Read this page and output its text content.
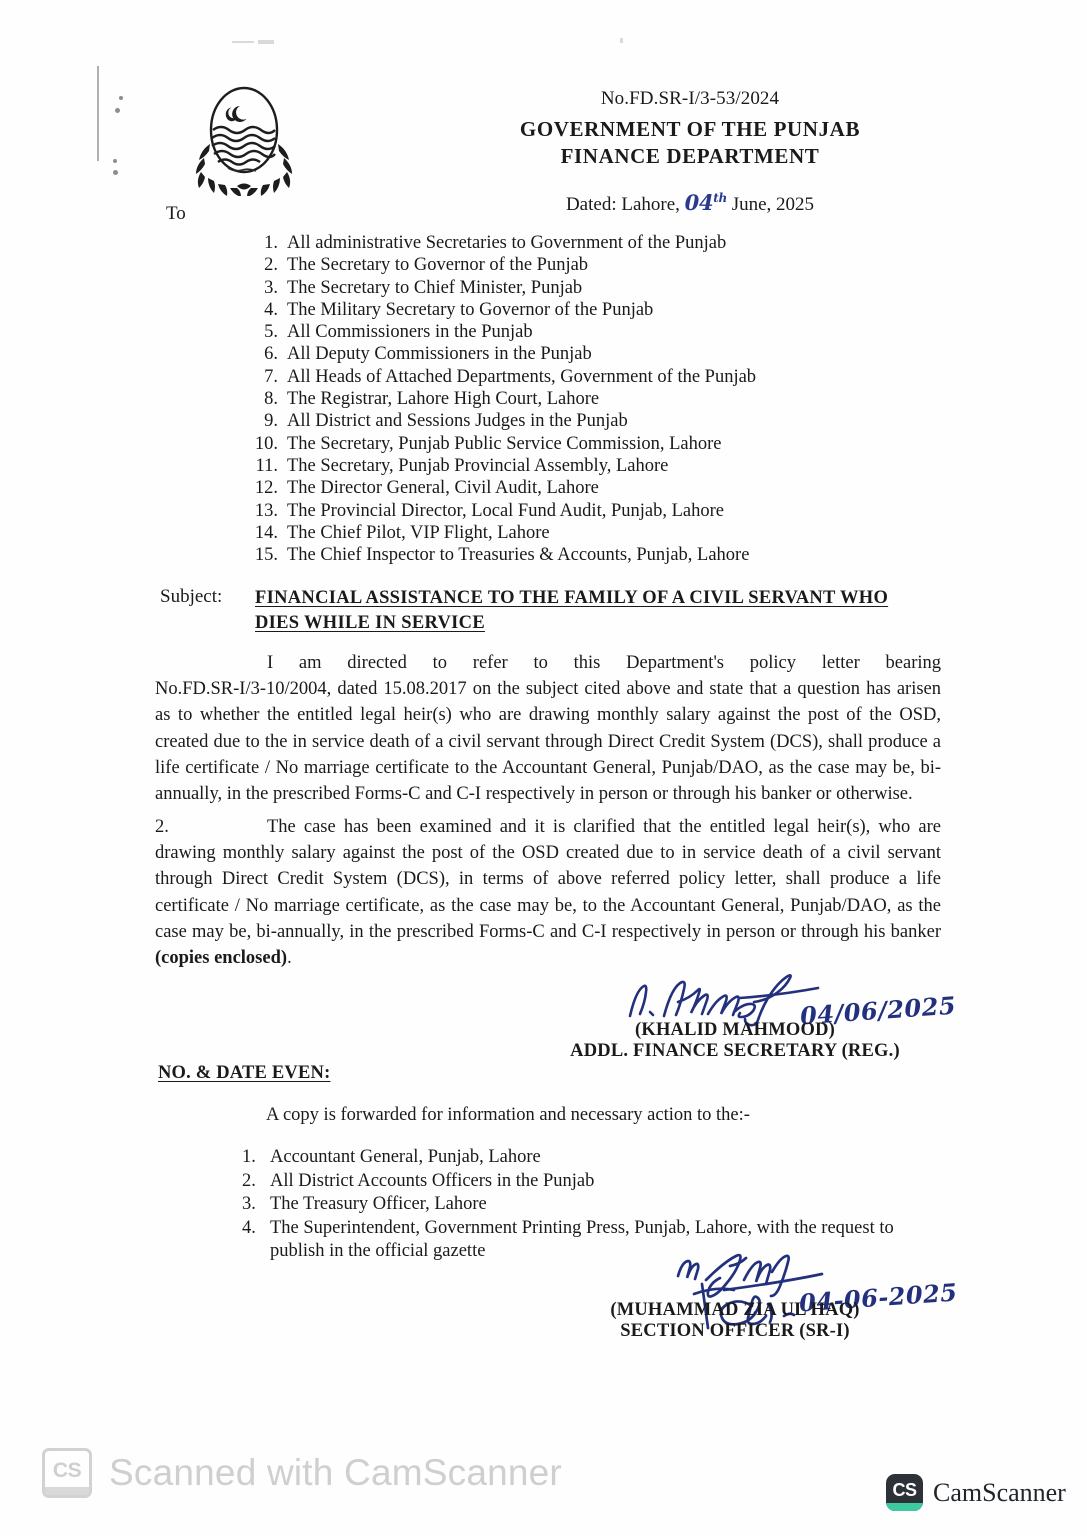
No.FD.SR-I/3-53/2024
GOVERNMENT OF THE PUNJAB
FINANCE DEPARTMENT
Dated: Lahore, 04th June, 2025
To
1. All administrative Secretaries to Government of the Punjab
2. The Secretary to Governor of the Punjab
3. The Secretary to Chief Minister, Punjab
4. The Military Secretary to Governor of the Punjab
5. All Commissioners in the Punjab
6. All Deputy Commissioners in the Punjab
7. All Heads of Attached Departments, Government of the Punjab
8. The Registrar, Lahore High Court, Lahore
9. All District and Sessions Judges in the Punjab
10. The Secretary, Punjab Public Service Commission, Lahore
11. The Secretary, Punjab Provincial Assembly, Lahore
12. The Director General, Civil Audit, Lahore
13. The Provincial Director, Local Fund Audit, Punjab, Lahore
14. The Chief Pilot, VIP Flight, Lahore
15. The Chief Inspector to Treasuries & Accounts, Punjab, Lahore
Subject:	FINANCIAL ASSISTANCE TO THE FAMILY OF A CIVIL SERVANT WHO
DIES WHILE IN SERVICE
I am directed to refer to this Department's policy letter bearing No.FD.SR-I/3-10/2004, dated 15.08.2017 on the subject cited above and state that a question has arisen as to whether the entitled legal heir(s) who are drawing monthly salary against the post of the OSD, created due to the in service death of a civil servant through Direct Credit System (DCS), shall produce a life certificate / No marriage certificate to the Accountant General, Punjab/DAO, as the case may be, bi-annually, in the prescribed Forms-C and C-I respectively in person or through his banker or otherwise.
2.	The case has been examined and it is clarified that the entitled legal heir(s), who are drawing monthly salary against the post of the OSD created due to in service death of a civil servant through Direct Credit System (DCS), in terms of above referred policy letter, shall produce a life certificate / No marriage certificate, as the case may be, to the Accountant General, Punjab/DAO, as the case may be, bi-annually, in the prescribed Forms-C and C-I respectively in person or through his banker (copies enclosed).
04/06/2025
(KHALID MAHMOOD)
ADDL. FINANCE SECRETARY (REG.)
NO. & DATE EVEN:
A copy is forwarded for information and necessary action to the:-
1. Accountant General, Punjab, Lahore
2. All District Accounts Officers in the Punjab
3. The Treasury Officer, Lahore
4. The Superintendent, Government Printing Press, Punjab, Lahore, with the request to
publish in the official gazette
04-06-2025
(MUHAMMAD ZIA UL HAQ)
SECTION OFFICER (SR-I)
CS Scanned with CamScanner	CS CamScanner
